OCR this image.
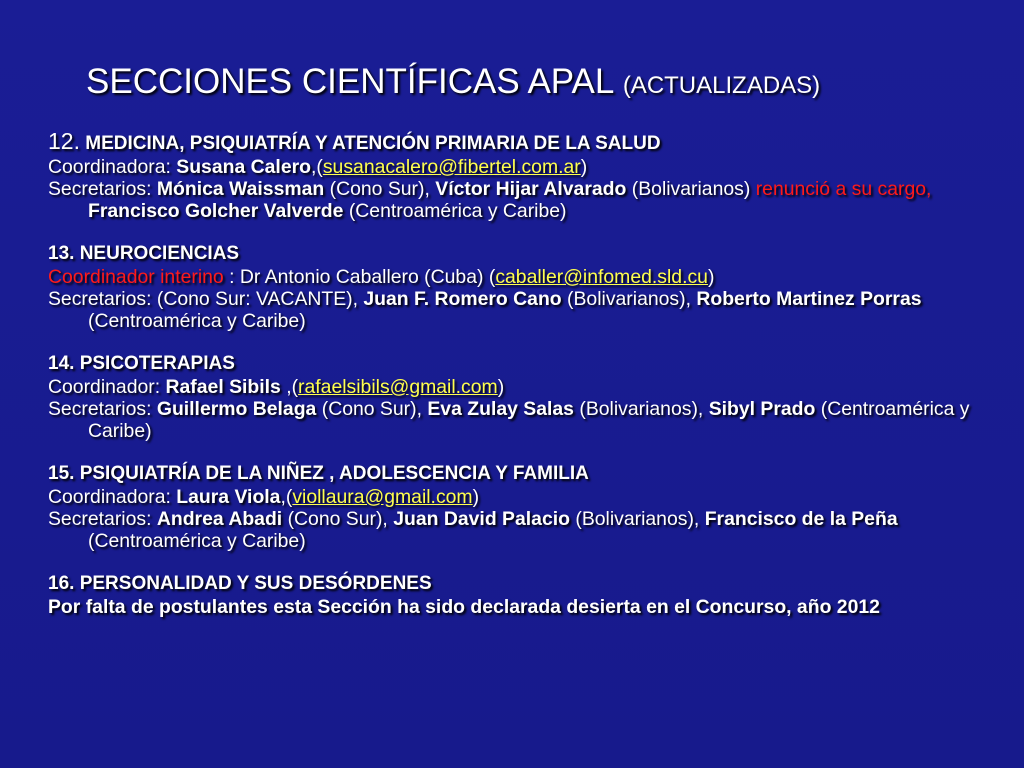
SECCIONES CIENTÍFICAS APAL (ACTUALIZADAS)
12. MEDICINA, PSIQUIATRÍA Y ATENCIÓN PRIMARIA DE LA SALUD
Coordinadora: Susana Calero,(susanacalero@fibertel.com.ar)
Secretarios: Mónica Waissman (Cono Sur), Víctor Hijar Alvarado (Bolivarianos) renunció a su cargo, Francisco Golcher Valverde (Centroamérica y Caribe)
13. NEUROCIENCIAS
Coordinador interino : Dr Antonio Caballero (Cuba) (caballer@infomed.sld.cu)
Secretarios: (Cono Sur: VACANTE), Juan F. Romero Cano (Bolivarianos), Roberto Martinez Porras (Centroamérica y Caribe)
14. PSICOTERAPIAS
Coordinador: Rafael Sibils ,(rafaelsibils@gmail.com)
Secretarios: Guillermo Belaga (Cono Sur), Eva Zulay Salas (Bolivarianos), Sibyl Prado (Centroamérica y Caribe)
15. PSIQUIATRÍA DE LA NIÑEZ , ADOLESCENCIA Y FAMILIA
Coordinadora: Laura Viola,(viollaura@gmail.com)
Secretarios: Andrea Abadi (Cono Sur), Juan David Palacio (Bolivarianos), Francisco de la Peña (Centroamérica y Caribe)
16. PERSONALIDAD Y SUS DESÓRDENES
Por falta de postulantes esta Sección ha sido declarada desierta en el Concurso, año 2012
